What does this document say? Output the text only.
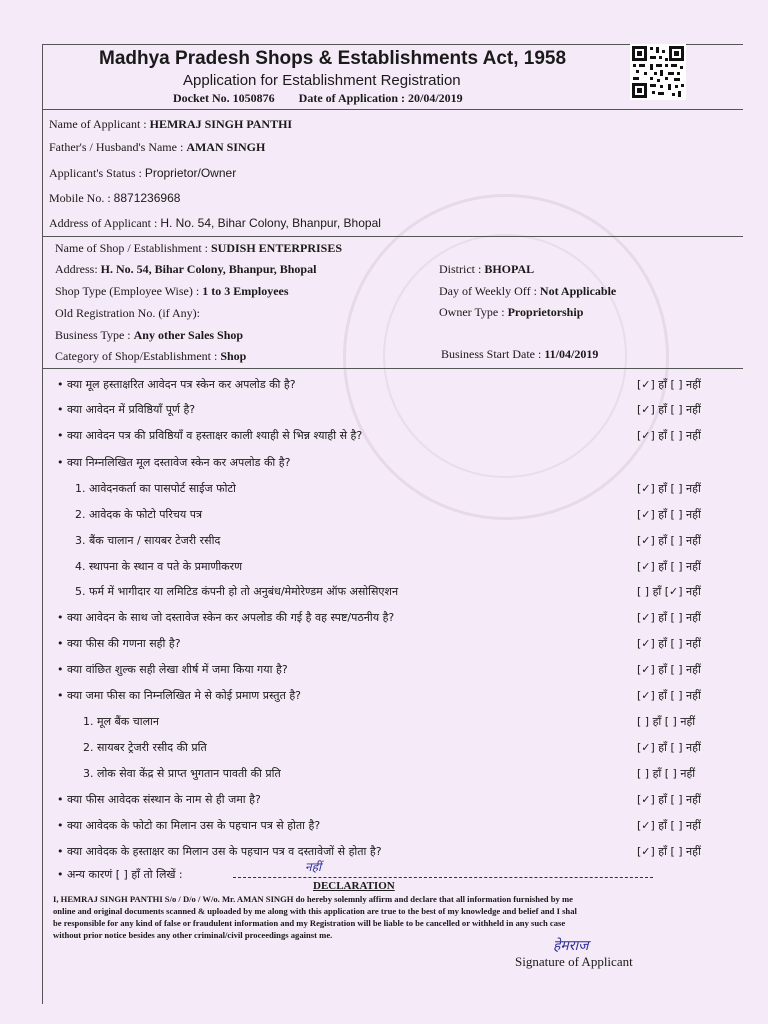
Madhya Pradesh Shops & Establishments Act, 1958
Application for Establishment Registration
Docket No. 1050876 Date of Application : 20/04/2019
Name of Applicant : HEMRAJ SINGH PANTHI
Father's / Husband's Name : AMAN SINGH
Applicant's Status : Proprietor/Owner
Mobile No. : 8871236968
Address of Applicant : H. No. 54, Bihar Colony, Bhanpur, Bhopal
Name of Shop / Establishment : SUDISH ENTERPRISES
Address: H. No. 54, Bihar Colony, Bhanpur, Bhopal	District : BHOPAL
Shop Type (Employee Wise) : 1 to 3 Employees	Day of Weekly Off : Not Applicable
Old Registration No. (if Any):	Owner Type : Proprietorship
Business Type : Any other Sales Shop
Category of Shop/Establishment : Shop	Business Start Date : 11/04/2019
• क्या मूल हस्ताक्षरित आवेदन पत्र स्केन कर अपलोड की है?	[✓] हाँ [ ] नहीं
• क्या आवेदन में प्रविष्ठियाँ पूर्ण है?	[✓] हाँ [ ] नहीं
• क्या आवेदन पत्र की प्रविष्ठियाँ व हस्ताक्षर काली श्याही से भिन्न श्याही से है?	[✓] हाँ [ ] नहीं
• क्या निम्नलिखित मूल दस्तावेज स्केन कर अपलोड की है?
1. आवेदनकर्ता का पासपोर्ट साईज फोटो	[✓] हाँ [ ] नहीं
2. आवेदक के फोटो परिचय पत्र	[✓] हाँ [ ] नहीं
3. बैंक चालान / सायबर टेजरी रसीद	[✓] हाँ [ ] नहीं
4. स्थापना के स्थान व पते के प्रमाणीकरण	[✓] हाँ [ ] नहीं
5. फर्म में भागीदार या लमिटिड कंपनी हो तो अनुबंध/मेमोरेण्डम ऑफ असोसिएशन	[ ] हाँ [✓] नहीं
• क्या आवेदन के साथ जो दस्तावेज स्केन कर अपलोड की गई है वह स्पष्ट/पठनीय है?	[✓] हाँ [ ] नहीं
• क्या फीस की गणना सही है?	[✓] हाँ [ ] नहीं
• क्या वांछित शुल्क सही लेखा शीर्ष में जमा किया गया है?	[✓] हाँ [ ] नहीं
• क्या जमा फीस का निम्नलिखित मे से कोई प्रमाण प्रस्तुत है?	[✓] हाँ [ ] नहीं
1. मूल बैंक चालान	[ ] हाँ [ ] नहीं
2. सायबर ट्रेजरी रसीद की प्रति	[✓] हाँ [ ] नहीं
3. लोक सेवा केंद्र से प्राप्त भुगतान पावती की प्रति	[ ] हाँ [ ] नहीं
• क्या फीस आवेदक संस्थान के नाम से ही जमा है?	[✓] हाँ [ ] नहीं
• क्या आवेदक के फोटो का मिलान उस के पहचान पत्र से होता है?	[✓] हाँ [ ] नहीं
• क्या आवेदक के हस्ताक्षर का मिलान उस के पहचान पत्र व दस्तावेजों से होता है?	[✓] हाँ [ ] नहीं
• अन्य कारणं [ ] हाँ तो लिखें :
नहीं
DECLARATION
I, HEMRAJ SINGH PANTHI S/o / D/o / W/o. Mr. AMAN SINGH do hereby solemnly affirm and declare that all information furnished by me
online and original documents scanned & uploaded by me along with this application are true to the best of my knowledge and belief and I shal
be responsible for any kind of false or fraudulent information and my Registration will be liable to be cancelled or withheld in any such case
without prior notice besides any other criminal/civil proceedings against me.
हेमराज
Signature of Applicant
